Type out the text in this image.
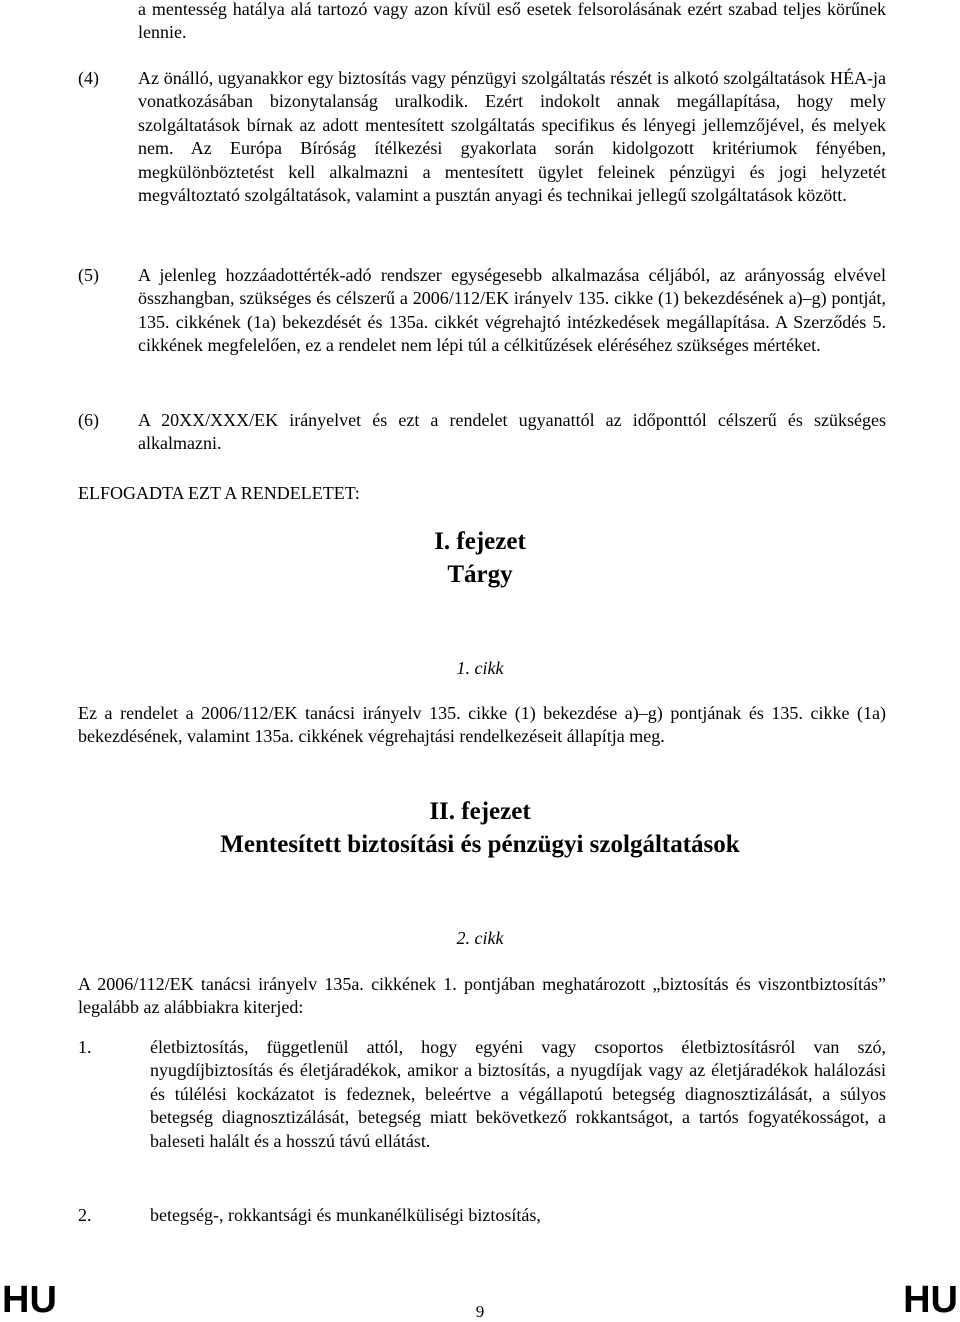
a mentesség hatálya alá tartozó vagy azon kívül eső esetek felsorolásának ezért szabad teljes körűnek lennie.

(4) Az önálló, ugyanakkor egy biztosítás vagy pénzügyi szolgáltatás részét is alkotó szolgáltatások HÉA-ja vonatkozásában bizonytalanság uralkodik. Ezért indokolt annak megállapítása, hogy mely szolgáltatások bírnak az adott mentesített szolgáltatás specifikus és lényegi jellemzőjével, és melyek nem. Az Európa Bíróság ítélkezési gyakorlata során kidolgozott kritériumok fényében, megkülönböztetést kell alkalmazni a mentesített ügylet feleinek pénzügyi és jogi helyzetét megváltoztató szolgáltatások, valamint a pusztán anyagi és technikai jellegű szolgáltatások között.

(5) A jelenleg hozzáadottérték-adó rendszer egységesebb alkalmazása céljából, az arányosság elvével összhangban, szükséges és célszerű a 2006/112/EK irányelv 135. cikke (1) bekezdésének a)–g) pontját, 135. cikkének (1a) bekezdését és 135a. cikkét végrehajtó intézkedések megállapítása. A Szerződés 5. cikkének megfelelően, ez a rendelet nem lépi túl a célkitűzések eléréséhez szükséges mértéket.

(6) A 20XX/XXX/EK irányelvet és ezt a rendelet ugyanattól az időponttól célszerű és szükséges alkalmazni.

ELFOGADTA EZT A RENDELETET:
I. fejezet
Tárgy
1. cikk

Ez a rendelet a 2006/112/EK tanácsi irányelv 135. cikke (1) bekezdése a)–g) pontjának és 135. cikke (1a) bekezdésének, valamint 135a. cikkének végrehajtási rendelkezéseit állapítja meg.

II. fejezet
Mentesített biztosítási és pénzügyi szolgáltatások
2. cikk

A 2006/112/EK tanácsi irányelv 135a. cikkének 1. pontjában meghatározott „biztosítás és viszontbiztosítás” legalább az alábbiakra kiterjed:

1.	életbiztosítás, függetlenül attól, hogy egyéni vagy csoportos életbiztosításról van szó, nyugdíjbiztosítás és életjáradékok, amikor a biztosítás, a nyugdíjak vagy az életjáradékok halálozási és túlélési kockázatot is fedeznek, beleértve a végállapotú betegség diagnosztizálását, a súlyos betegség diagnosztizálását, betegség miatt bekövetkező rokkantságot, a tartós fogyatékosságot, a baleseti halált és a hosszú távú ellátást.

2.	betegség-, rokkantsági és munkanélküliségi biztosítás,

HU	9	HU
